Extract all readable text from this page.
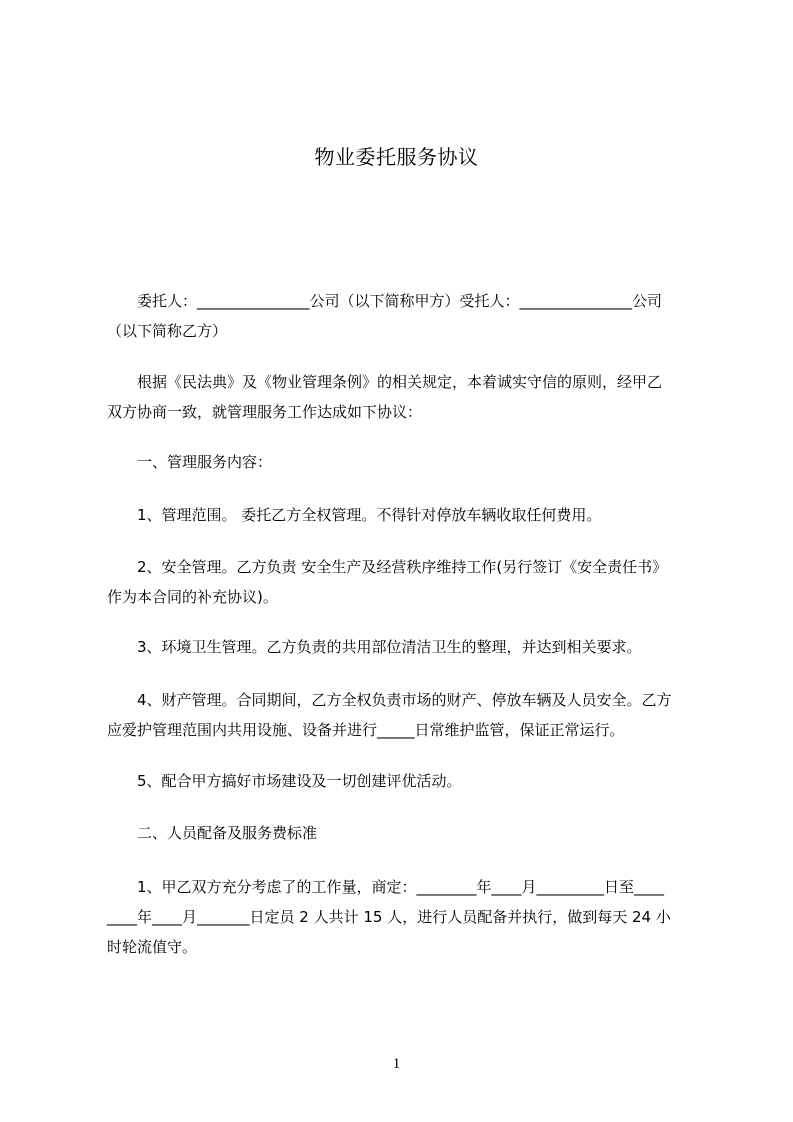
物业委托服务协议
委托人：_______________公司（以下简称甲方）受托人：_______________公司
（以下简称乙方）
根据《民法典》及《物业管理条例》的相关规定，本着诚实守信的原则，经甲乙
双方协商一致，就管理服务工作达成如下协议：
一、管理服务内容：
1、管理范围。 委托乙方全权管理。不得针对停放车辆收取任何费用。
2、安全管理。乙方负责 安全生产及经营秩序维持工作(另行签订《安全责任书》
作为本合同的补充协议)。
3、环境卫生管理。乙方负责的共用部位清洁卫生的整理，并达到相关要求。
4、财产管理。合同期间，乙方全权负责市场的财产、停放车辆及人员安全。乙方
应爱护管理范围内共用设施、设备并进行_____日常维护监管，保证正常运行。
5、配合甲方搞好市场建设及一切创建评优活动。
二、人员配备及服务费标准
1、甲乙双方充分考虑了的工作量，商定：________年____月_________日至____
____年____月_______日定员 2 人共计 15 人，进行人员配备并执行，做到每天 24 小
时轮流值守。
1
